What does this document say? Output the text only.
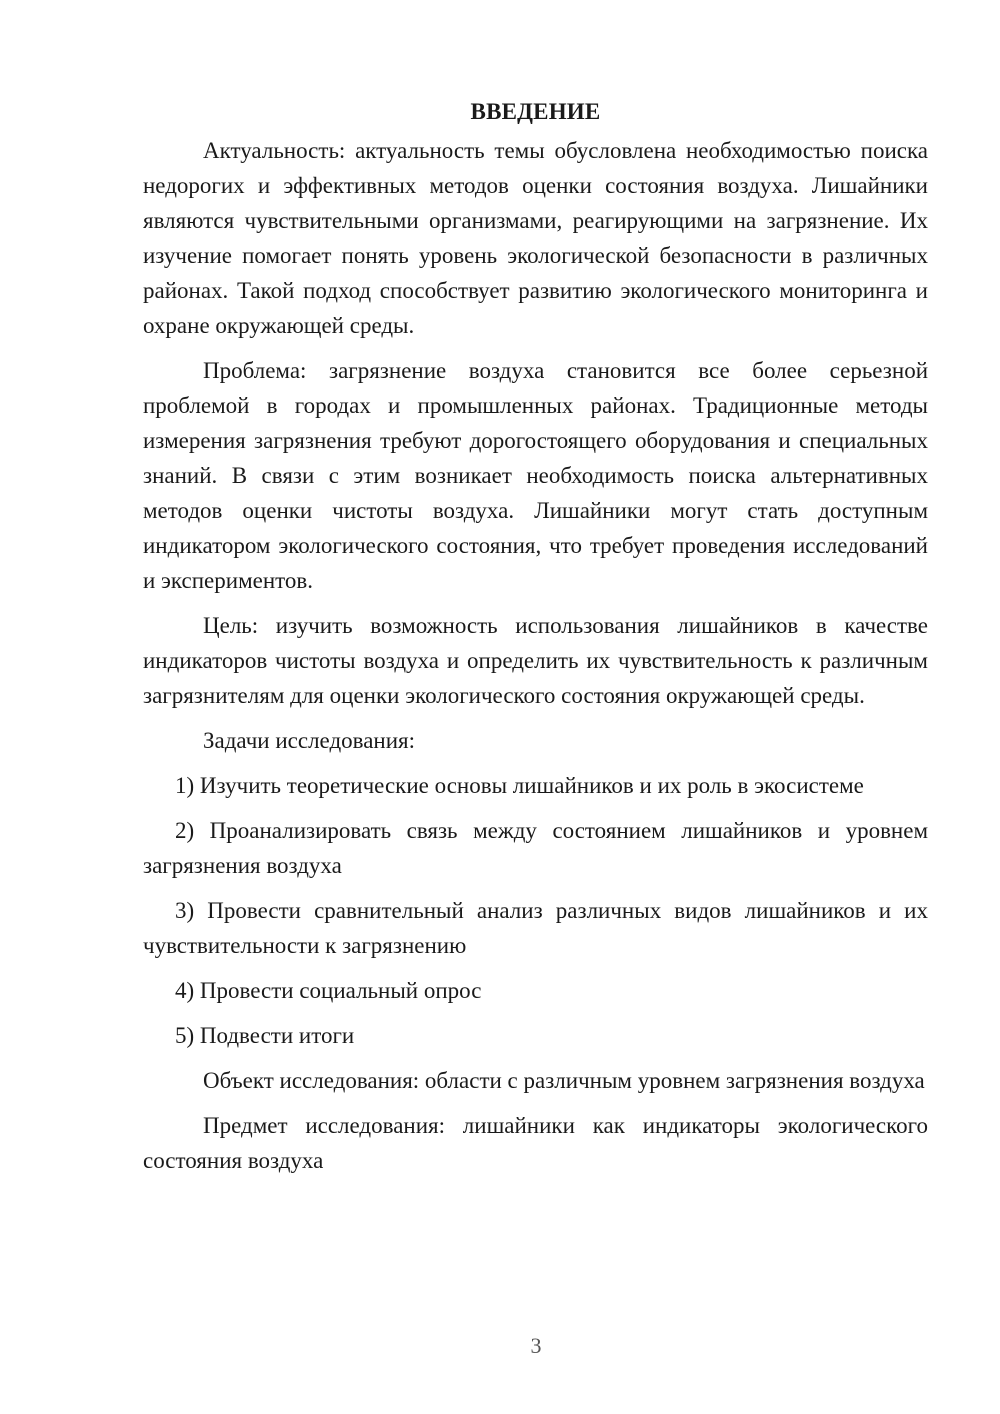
ВВЕДЕНИЕ

Актуальность: актуальность темы обусловлена необходимостью поиска недорогих и эффективных методов оценки состояния воздуха. Лишайники являются чувствительными организмами, реагирующими на загрязнение. Их изучение помогает понять уровень экологической безопасности в различных районах. Такой подход способствует развитию экологического мониторинга и охране окружающей среды.

Проблема: загрязнение воздуха становится все более серьезной проблемой в городах и промышленных районах. Традиционные методы измерения загрязнения требуют дорогостоящего оборудования и специальных знаний. В связи с этим возникает необходимость поиска альтернативных методов оценки чистоты воздуха. Лишайники могут стать доступным индикатором экологического состояния, что требует проведения исследований и экспериментов.

Цель: изучить возможность использования лишайников в качестве индикаторов чистоты воздуха и определить их чувствительность к различным загрязнителям для оценки экологического состояния окружающей среды.

Задачи исследования:
1) Изучить теоретические основы лишайников и их роль в экосистеме

2) Проанализировать связь между состоянием лишайников и уровнем загрязнения воздуха

3) Провести сравнительный анализ различных видов лишайников и их чувствительности к загрязнению

4) Провести социальный опрос
5) Подвести итоги

Объект исследования: области с различным уровнем загрязнения воздуха

Предмет исследования: лишайники как индикаторы экологического состояния воздуха

3
